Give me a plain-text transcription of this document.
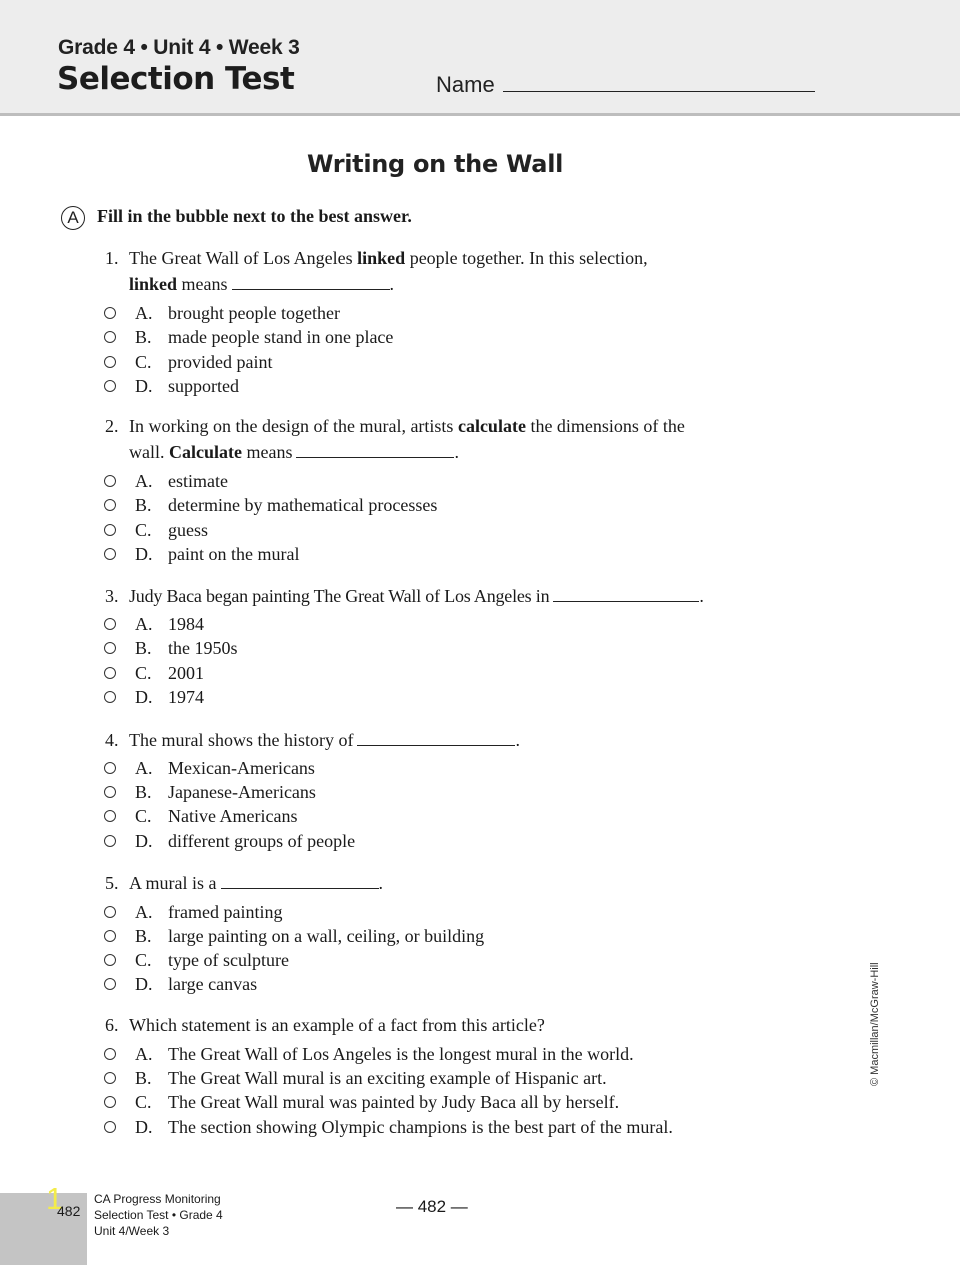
Grade 4 • Unit 4 • Week 3
Selection Test	Name
Writing on the Wall
A	Fill in the bubble next to the best answer.
1. The Great Wall of Los Angeles linked people together. In this selection,
linked means	.
A. brought people together
B. made people stand in one place
C. provided paint
D. supported
2. In working on the design of the mural, artists calculate the dimensions of the
wall. Calculate means	.
A. estimate
B. determine by mathematical processes
C. guess
D. paint on the mural
3. Judy Baca began painting The Great Wall of Los Angeles in	.
A. 1984
B. the 1950s
C. 2001
D. 1974
4. The mural shows the history of	.
A. Mexican-Americans
B. Japanese-Americans
C. Native Americans
D. different groups of people
5. A mural is a	.
A. framed painting
B. large painting on a wall, ceiling, or building
C. type of sculpture
D. large canvas
6. Which statement is an example of a fact from this article?
A. The Great Wall of Los Angeles is the longest mural in the world.
B. The Great Wall mural is an exciting example of Hispanic art.
C. The Great Wall mural was painted by Judy Baca all by herself.
D. The section showing Olympic champions is the best part of the mural.
© Macmillan/McGraw-Hill
1
482
CA Progress Monitoring
Selection Test • Grade 4
Unit 4/Week 3
— 482 —
